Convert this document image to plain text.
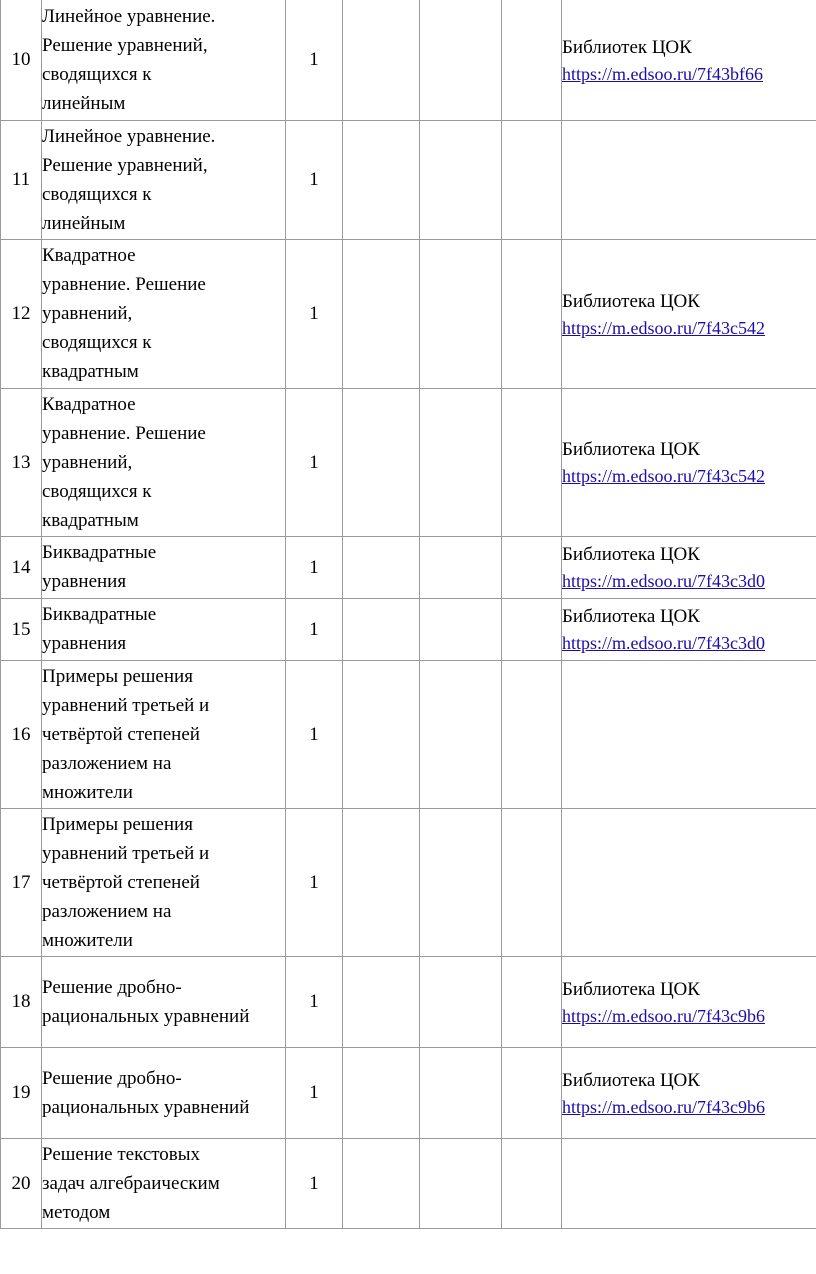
10	Линейное уравнение.
Решение уравнений,
сводящихся к
линейным	1				Библиотек ЦОК
https://m.edsoo.ru/7f43bf66

11	Линейное уравнение.
Решение уравнений,
сводящихся к
линейным	1				
12	Квадратное
уравнение. Решение
уравнений,
сводящихся к
квадратным	1				Библиотека ЦОК
https://m.edsoo.ru/7f43c542

13	Квадратное
уравнение. Решение
уравнений,
сводящихся к
квадратным	1				Библиотека ЦОК
https://m.edsoo.ru/7f43c542

14	Биквадратные
уравнения	1				Библиотека ЦОК
https://m.edsoo.ru/7f43c3d0

15	Биквадратные
уравнения	1				Библиотека ЦОК
https://m.edsoo.ru/7f43c3d0

16	Примеры решения
уравнений третьей и
четвёртой степеней
разложением на
множители	1				
17	Примеры решения
уравнений третьей и
четвёртой степеней
разложением на
множители	1				
18	Решение дробно-рациональных уравнений	1				Библиотека ЦОК
https://m.edsoo.ru/7f43c9b6

19	Решение дробно-рациональных уравнений	1				Библиотека ЦОК
https://m.edsoo.ru/7f43c9b6

20	Решение текстовых
задач алгебраическим
методом	1				
